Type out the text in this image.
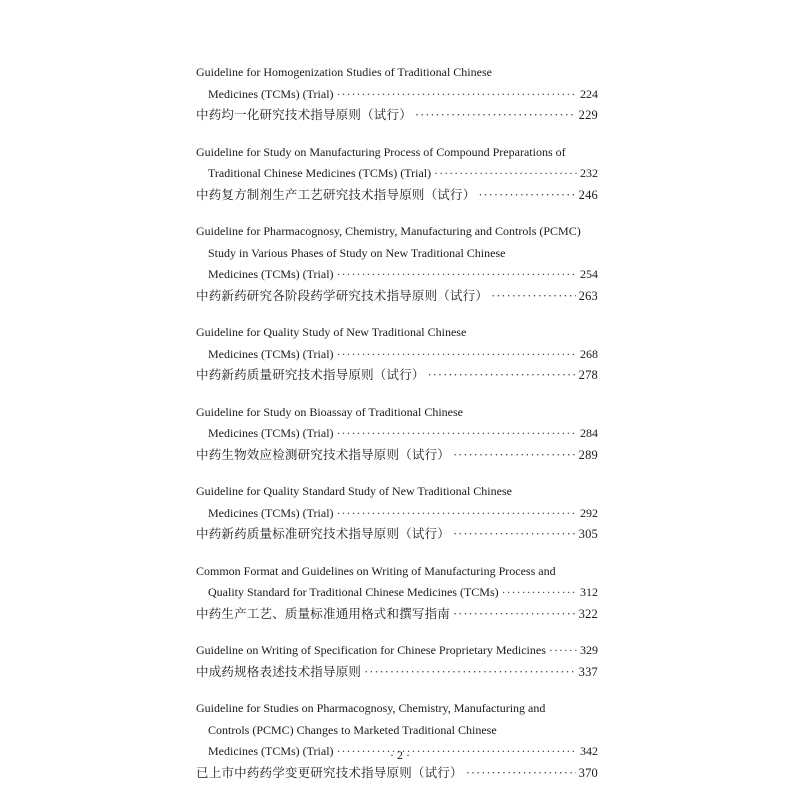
Guideline for Homogenization Studies of Traditional Chinese
Medicines (TCMs) (Trial) ·····	224
中药均一化研究技术指导原则（试行） ·····	229
Guideline for Study on Manufacturing Process of Compound Preparations of
Traditional Chinese Medicines (TCMs) (Trial) ·····	232
中药复方制剂生产工艺研究技术指导原则（试行） ·····	246
Guideline for Pharmacognosy, Chemistry, Manufacturing and Controls (PCMC)
Study in Various Phases of Study on New Traditional Chinese
Medicines (TCMs) (Trial) ·····	254
中药新药研究各阶段药学研究技术指导原则（试行） ·····	263
Guideline for Quality Study of New Traditional Chinese
Medicines (TCMs) (Trial) ·····	268
中药新药质量研究技术指导原则（试行） ·····	278
Guideline for Study on Bioassay of Traditional Chinese
Medicines (TCMs) (Trial) ·····	284
中药生物效应检测研究技术指导原则（试行） ·····	289
Guideline for Quality Standard Study of New Traditional Chinese
Medicines (TCMs) (Trial) ·····	292
中药新药质量标准研究技术指导原则（试行） ·····	305
Common Format and Guidelines on Writing of Manufacturing Process and
Quality Standard for Traditional Chinese Medicines (TCMs) ·····	312
中药生产工艺、质量标准通用格式和撰写指南 ·····	322
Guideline on Writing of Specification for Chinese Proprietary Medicines ·····	329
中成药规格表述技术指导原则 ·····	337
Guideline for Studies on Pharmacognosy, Chemistry, Manufacturing and
Controls (PCMC) Changes to Marketed Traditional Chinese
Medicines (TCMs) (Trial) ·····	342
已上市中药药学变更研究技术指导原则（试行） ·····	370
· 2 ·
